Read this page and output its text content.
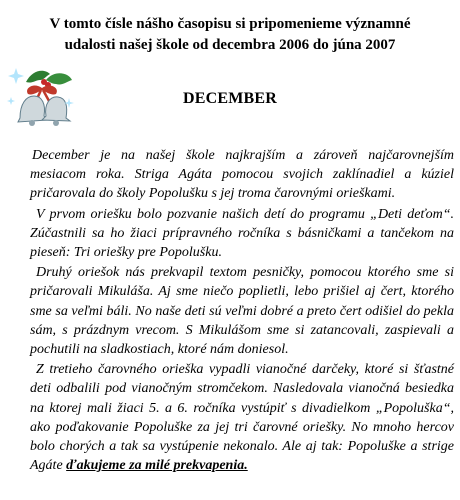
V tomto čísle nášho časopisu si pripomenieme významné
udalosti našej škole od decembra 2006 do júna 2007
DECEMBER

December je na našej škole najkrajším a zároveň najčarovnejším mesiacom roka. Striga Agáta pomocou svojich zaklínadiel a kúziel pričarovala do školy Popolušku s jej troma čarovnými orieškami.

V prvom oriešku bolo pozvanie našich detí do programu „Deti deťom“. Zúčastnili sa ho žiaci prípravného ročníka s básničkami a tančekom na pieseň: Tri oriešky pre Popolušku.

Druhý oriešok nás prekvapil textom pesničky, pomocou ktorého sme si pričarovali Mikuláša. Aj sme niečo poplietli, lebo prišiel aj čert, ktorého sme sa veľmi báli. No naše deti sú veľmi dobré a preto čert odišiel do pekla sám, s prázdnym vrecom. S Mikulášom sme si zatancovali, zaspievali a pochutili na sladkostiach, ktoré nám doniesol.

Z tretieho čarovného orieška vypadli vianočné darčeky, ktoré si šťastné deti odbalili pod vianočným stromčekom. Nasledovala vianočná besiedka na ktorej mali žiaci 5. a 6. ročníka vystúpiť s divadielkom „Popoluška“, ako poďakovanie Popoluške za jej tri čarovné oriešky. No mnoho hercov bolo chorých a tak sa vystúpenie nekonalo. Ale aj tak: Popoluške a strige Agáte ďakujeme za milé prekvapenia.
